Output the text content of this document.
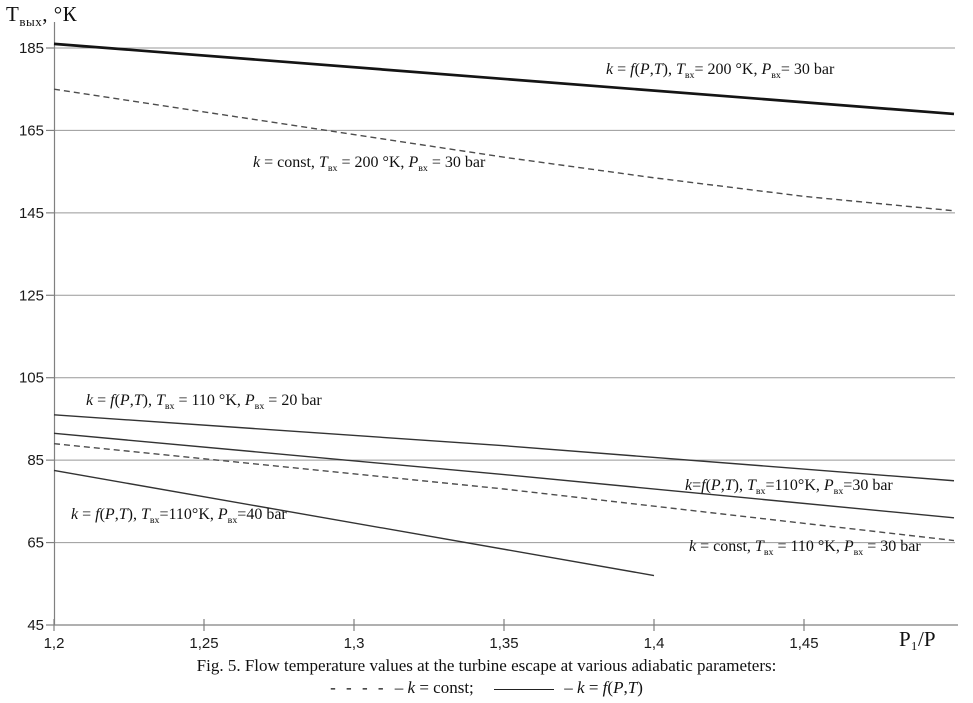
185
165
145
125
105
85
65
45
1,2	1,25	1,3	1,35	1,4	1,45
$Т_{вых}$, °К
P₁/P
k = f(P,T), $T_{вх}= 200$ °K, $P_{вх}= 30$ bar
k = const, $T_{вх} = 200$ °K, $P_{вх} = 30$ bar
k = f(P,T), $T_{вх} = 110$ °K, $P_{вх} = 20$ bar
k=f(P,T), $T_{вх}=110^\circ K$, $P_{вх}=30$ bar
k = const, $T_{вх} = 110$ °K, $P_{вх} = 30$ bar
k = f(P,T), $T_{вх}=110^\circ K$, $P_{вх}=40$ bar
Fig. 5. Flow temperature values at the turbine escape at various adiabatic parameters:
- - - - – k = const;	– k = f(P,T)
